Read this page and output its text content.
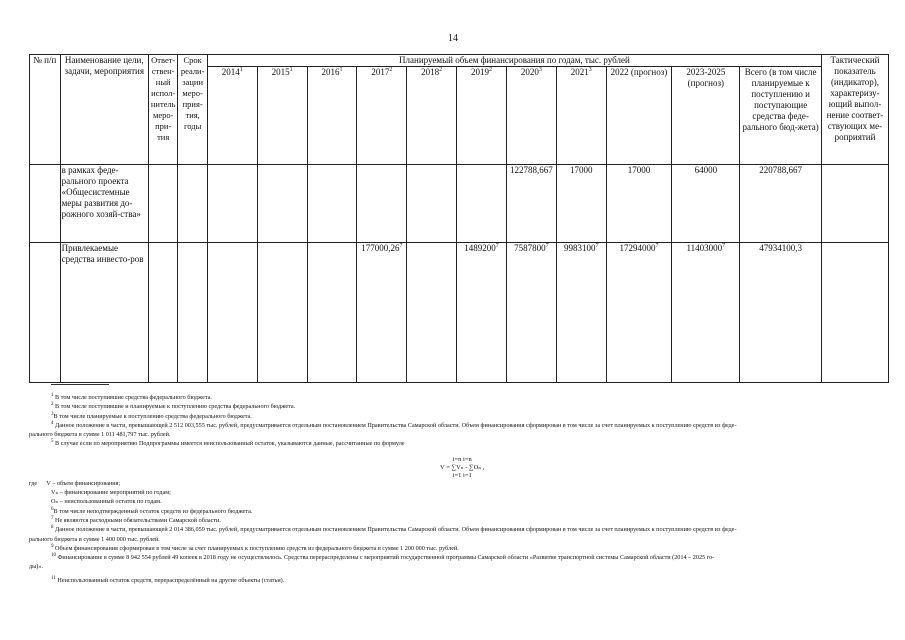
14
№ п/п	Наименование цели, задачи, мероприятия	Ответ-ствен-ный испол-нитель меро-при-тия	Срок реали-зации меро-прия-тия, годы	Планируемый объем финансирования по годам, тыс. рублей											Тактический показатель (индикатор), характеризу-ющий выпол-нение соответ-ствующих ме-роприятий
				2014$^1$	2015$^1$	2016$^1$	2017$^2$	2018$^2$	2019$^2$	2020$^3$	2021$^3$	2022 (прогноз)	2023-2025 (прогноз)	Всего (в том числе планируемые к поступлению и поступающие средства феде-рального бюд-жета)	
	в рамках феде-рального проекта «Общесистемные меры развития до-рожного хозяй-ства»									122788,667	17000	17000	64000	220788,667	
	Привлекаемые средства инвесто-ров						177000,26$^7$		1489200$^7$	7587800$^7$	9983100$^7$	17294000$^7$	11403000$^7$	47934100,3	
$^1$ В том числе поступившие средства федерального бюджета.
$^2$ В том числе поступившие и планируемые к поступлению средства федерального бюджета.
$^3$В том числе планируемые к поступлению средства федерального бюджета.
$^4$ Данное положение в части, превышающей 2 512 003,555 тыс. рублей, предусматривается отдельным постановлением Правительства Самарской области. Объем финансирования сформирован в том числе за счет планируемых к поступлению средств из феде-
рального бюджета в сумме 1 011 481,797 тыс. рублей.
$^5$ В случае если по мероприятию Подпрограммы имеется неиспользованный остаток, указываются данные, рассчитанные по формуле
где V – объем финансирования;
Vₙ – финансирование мероприятий по годам;
Oₙ – неиспользованный остаток по годам.
$^6$В том числе неподтвержденный остаток средств из федерального бюджета.
$^7$ Не являются расходными обязательствами Самарской области.
$^8$ Данное положение в части, превышающей 2 014 386,059 тыс. рублей, предусматривается отдельным постановлением Правительства Самарской области. Объем финансирования сформирован в том числе за счет планируемых к поступлению средств из феде-
рального бюджета в сумме 1 400 000 тыс. рублей.
$^9$ Объем финансирования сформирован в том числе за счет планируемых к поступлению средств из федерального бюджета в сумме 1 200 000 тыс. рублей.
$^{10}$ Финансирование в сумме 8 942 554 рублей 49 копеек в 2018 году не осуществлялось. Средства перераспределены с мероприятий государственной программы Самарской области «Развитие транспортной системы Самарской области (2014 – 2025 го-
ды)».
$^{11}$ Неиспользованный остаток средств, перераспределённый на другие объекты (статьи).
i=n i=n
V = ∑Vₙ - ∑Oₙ ,
i=1 i=1
